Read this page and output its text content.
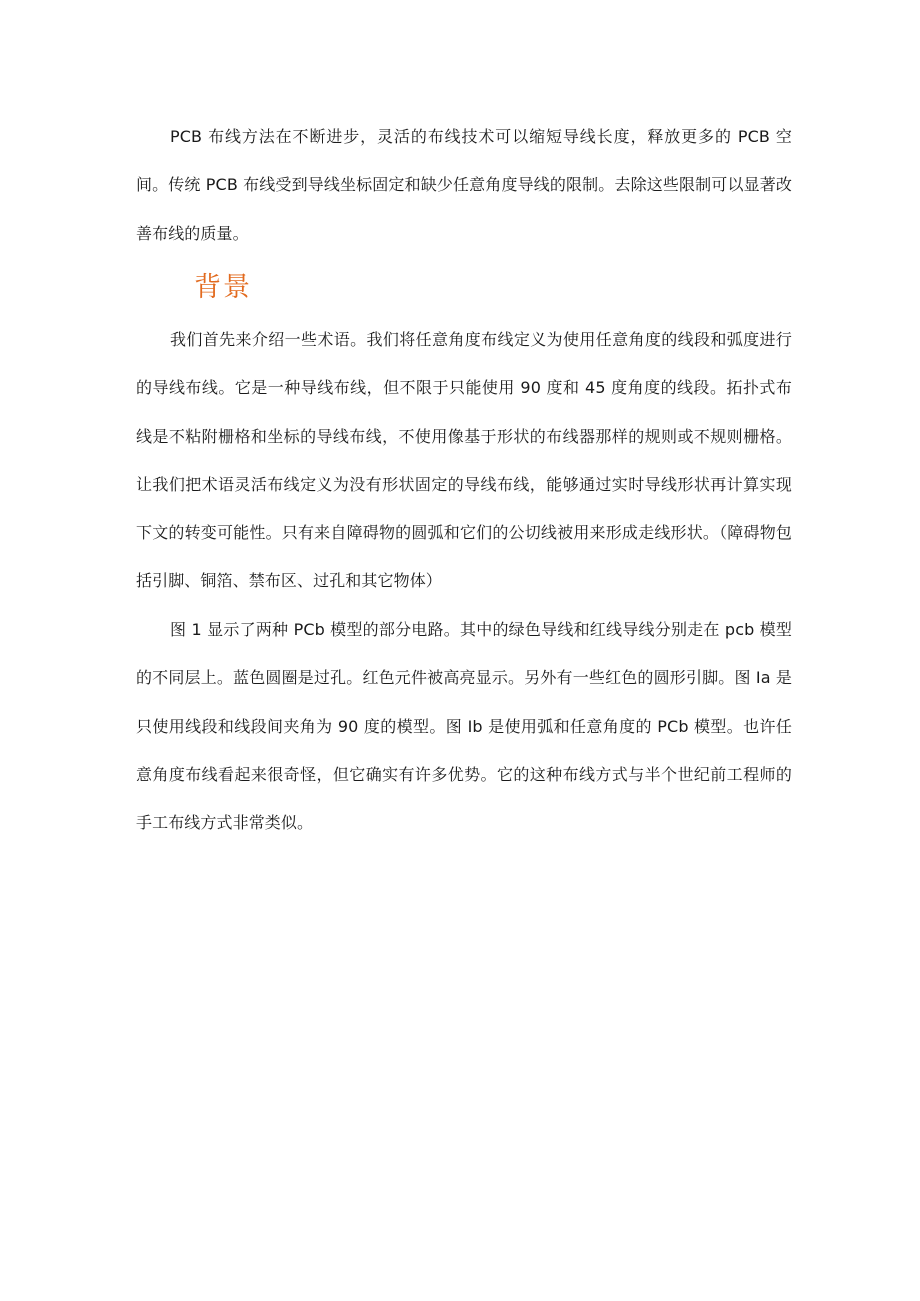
PCB 布线方法在不断进步，灵活的布线技术可以缩短导线长度，释放更多的 PCB 空间。传统 PCB 布线受到导线坐标固定和缺少任意角度导线的限制。去除这些限制可以显著改善布线的质量。

背景

我们首先来介绍一些术语。我们将任意角度布线定义为使用任意角度的线段和弧度进行的导线布线。它是一种导线布线，但不限于只能使用 90 度和 45 度角度的线段。拓扑式布线是不粘附栅格和坐标的导线布线，不使用像基于形状的布线器那样的规则或不规则栅格。让我们把术语灵活布线定义为没有形状固定的导线布线，能够通过实时导线形状再计算实现下文的转变可能性。只有来自障碍物的圆弧和它们的公切线被用来形成走线形状。（障碍物包括引脚、铜箔、禁布区、过孔和其它物体）

图 1 显示了两种 PCb 模型的部分电路。其中的绿色导线和红线导线分别走在 pcb 模型的不同层上。蓝色圆圈是过孔。红色元件被高亮显示。另外有一些红色的圆形引脚。图 Ia 是只使用线段和线段间夹角为 90 度的模型。图 Ib 是使用弧和任意角度的 PCb 模型。也许任意角度布线看起来很奇怪，但它确实有许多优势。它的这种布线方式与半个世纪前工程师的手工布线方式非常类似。
